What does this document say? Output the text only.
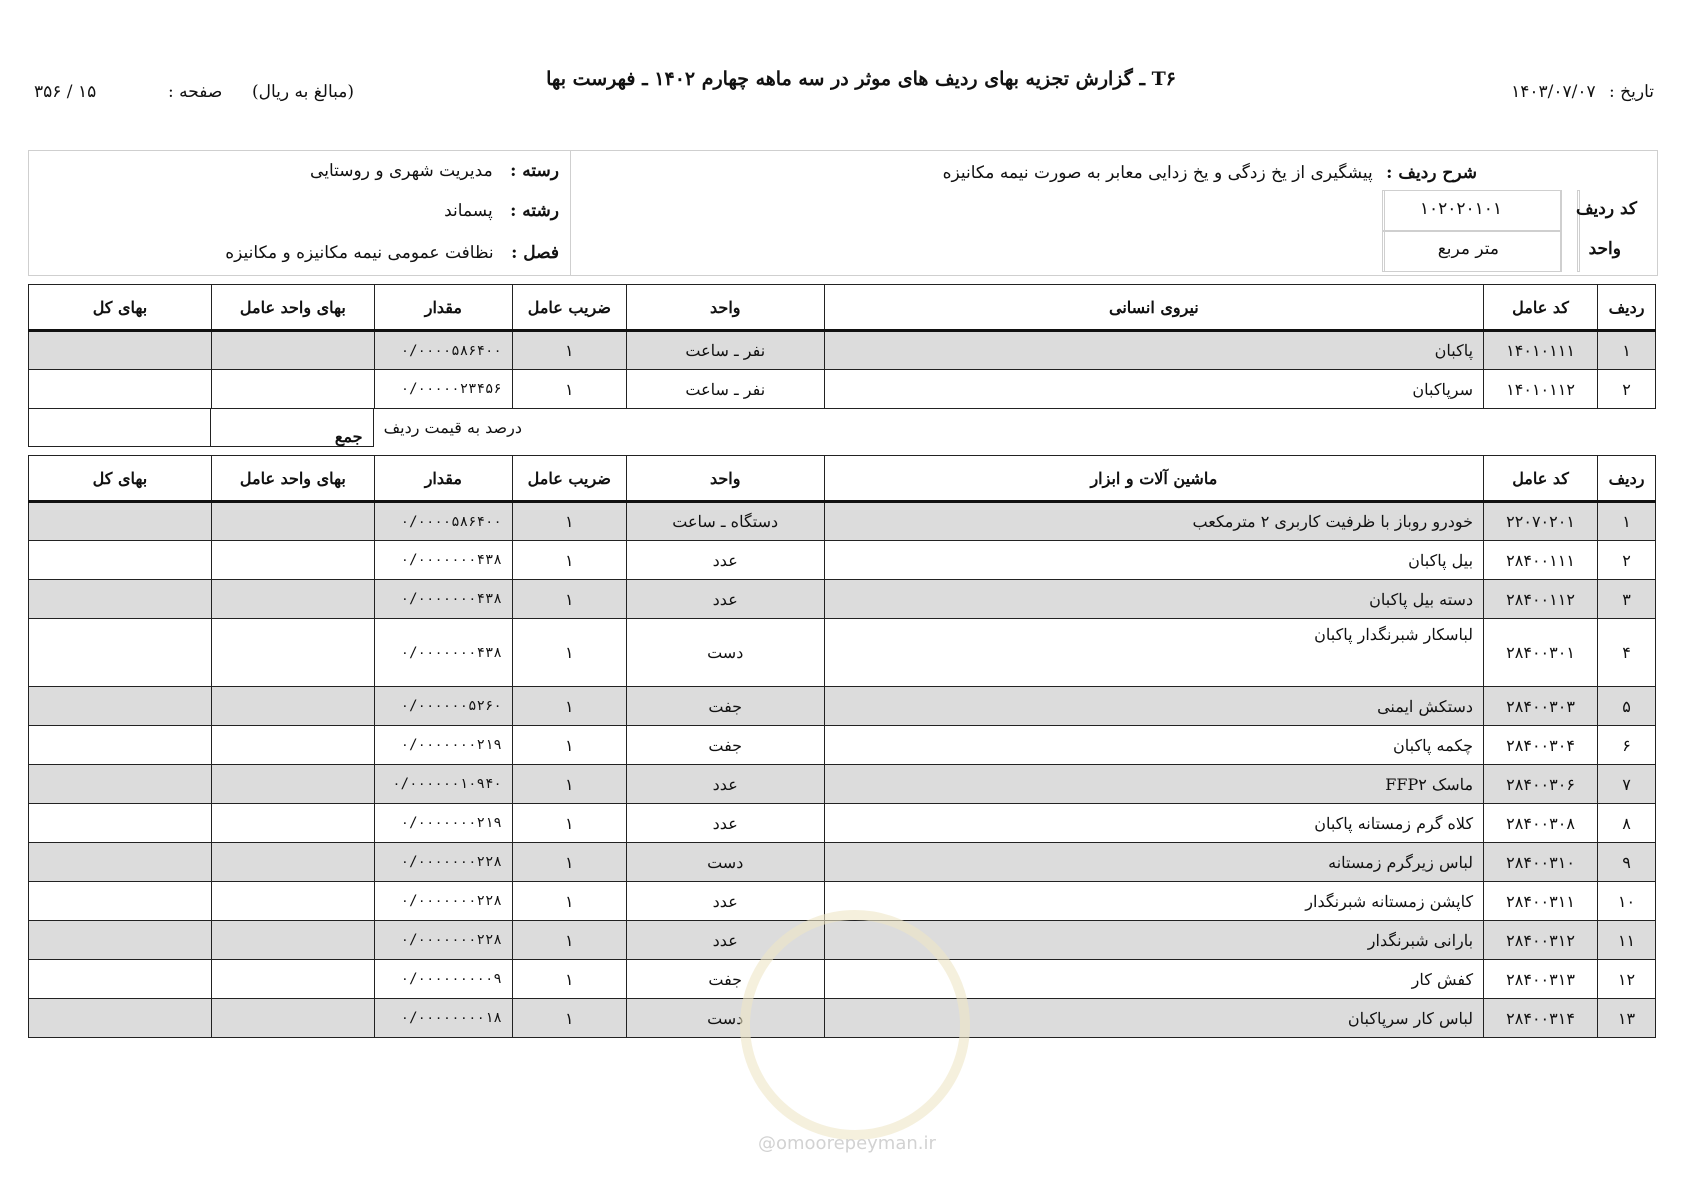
تاریخ : ۱۴۰۳/۰۷/۰۷
T۶ ـ گزارش تجزیه بهای ردیف های موثر در سه ماهه چهارم ۱۴۰۲ ـ فهرست بها
(مبالغ به ریال)
صفحه :
۱۵ / ۳۵۶
شرح ردیف : پیشگیری از یخ زدگی و یخ زدایی معابر به صورت نیمه مکانیزه
کد ردیف
۱۰۲۰۲۰۱۰۱
واحد
متر مربع
رسته : مدیریت شهری و روستایی
رشته : پسماند
فصل : نظافت عمومی نیمه مکانیزه و مکانیزه
ردیف	کد عامل	نیروی انسانی	واحد	ضریب عامل	مقدار	بهای واحد عامل	بهای کل
۱	۱۴۰۱۰۱۱۱	پاکبان	نفر ـ ساعت	۱	۰/۰۰۰۰۵۸۶۴۰۰		
۲	۱۴۰۱۰۱۱۲	سرپاکبان	نفر ـ ساعت	۱	۰/۰۰۰۰۰۲۳۴۵۶		
درصد به قیمت ردیف	جمع	
ردیف	کد عامل	ماشین آلات و ابزار	واحد	ضریب عامل	مقدار	بهای واحد عامل	بهای کل
۱	۲۲۰۷۰۲۰۱	خودرو روباز با ظرفیت کاربری ۲ مترمکعب	دستگاه ـ ساعت	۱	۰/۰۰۰۰۵۸۶۴۰۰		
۲	۲۸۴۰۰۱۱۱	بیل پاکبان	عدد	۱	۰/۰۰۰۰۰۰۰۴۳۸		
۳	۲۸۴۰۰۱۱۲	دسته بیل پاکبان	عدد	۱	۰/۰۰۰۰۰۰۰۴۳۸		
۴	۲۸۴۰۰۳۰۱	لباسکار شبرنگدار پاکبان	دست	۱	۰/۰۰۰۰۰۰۰۴۳۸		
۵	۲۸۴۰۰۳۰۳	دستکش ایمنی	جفت	۱	۰/۰۰۰۰۰۰۵۲۶۰		
۶	۲۸۴۰۰۳۰۴	چکمه پاکبان	جفت	۱	۰/۰۰۰۰۰۰۰۲۱۹		
۷	۲۸۴۰۰۳۰۶	ماسک FFP۲	عدد	۱	۰/۰۰۰۰۰۰۱۰۹۴۰		
۸	۲۸۴۰۰۳۰۸	کلاه گرم زمستانه پاکبان	عدد	۱	۰/۰۰۰۰۰۰۰۲۱۹		
۹	۲۸۴۰۰۳۱۰	لباس زیرگرم زمستانه	دست	۱	۰/۰۰۰۰۰۰۰۲۲۸		
۱۰	۲۸۴۰۰۳۱۱	کاپشن زمستانه شبرنگدار	عدد	۱	۰/۰۰۰۰۰۰۰۲۲۸		
۱۱	۲۸۴۰۰۳۱۲	بارانی شبرنگدار	عدد	۱	۰/۰۰۰۰۰۰۰۲۲۸		
۱۲	۲۸۴۰۰۳۱۳	کفش کار	جفت	۱	۰/۰۰۰۰۰۰۰۰۰۹		
۱۳	۲۸۴۰۰۳۱۴	لباس کار سرپاکبان	دست	۱	۰/۰۰۰۰۰۰۰۰۱۸		
@omoorepeyman.ir
